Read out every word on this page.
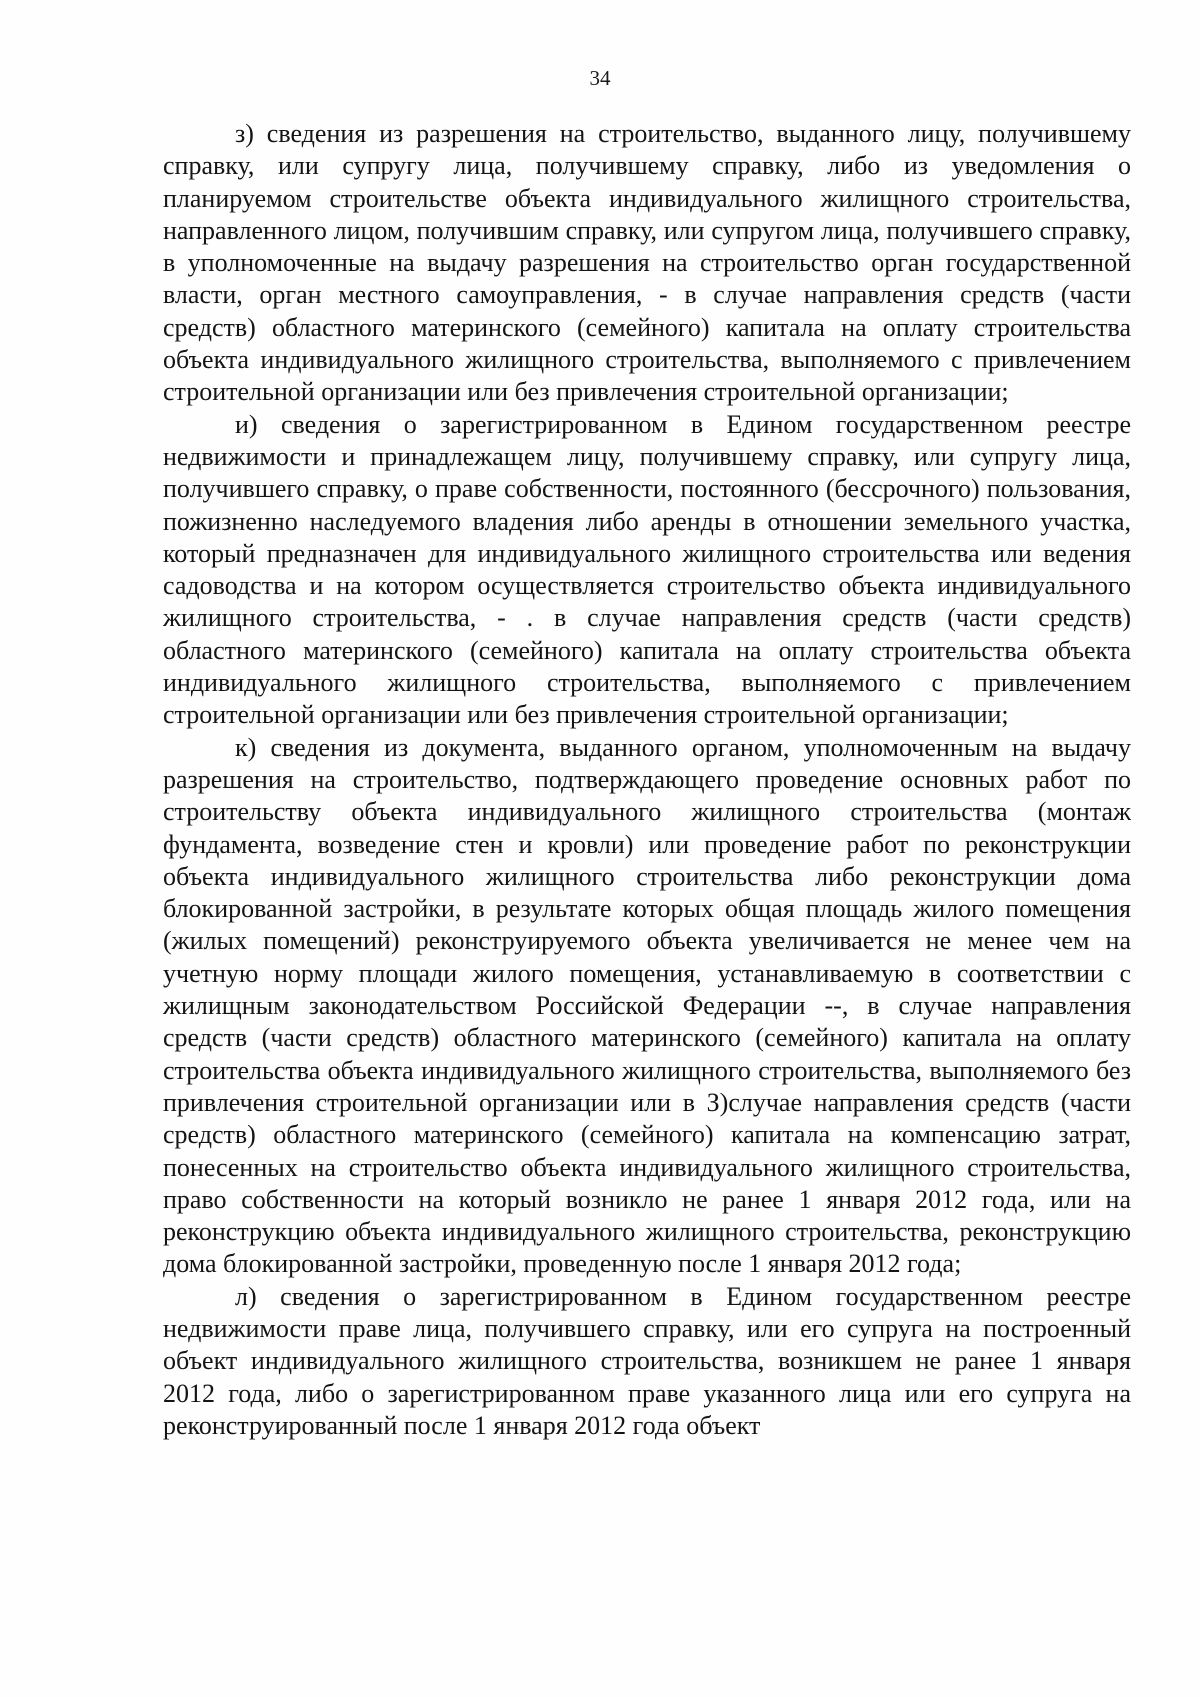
34

з) сведения из разрешения на строительство, выданного лицу, получившему справку, или супругу лица, получившему справку, либо из уведомления о планируемом строительстве объекта индивидуального жилищного строительства, направленного лицом, получившим справку, или супругом лица, получившего справку, в уполномоченные на выдачу разрешения на строительство орган государственной власти, орган местного самоуправления, - в случае направления средств (части средств) областного материнского (семейного) капитала на оплату строительства объекта индивидуального жилищного строительства, выполняемого с привлечением строительной организации или без привлечения строительной организации;

и) сведения о зарегистрированном в Едином государственном реестре недвижимости и принадлежащем лицу, получившему справку, или супругу лица, получившего справку, о праве собственности, постоянного (бессрочного) пользования, пожизненно наследуемого владения либо аренды в отношении земельного участка, который предназначен для индивидуального жилищного строительства или ведения садоводства и на котором осуществляется строительство объекта индивидуального жилищного строительства, - . в случае направления средств (части средств) областного материнского (семейного) капитала на оплату строительства объекта индивидуального жилищного строительства, выполняемого с привлечением строительной организации или без привлечения строительной организации;

к) сведения из документа, выданного органом, уполномоченным на выдачу разрешения на строительство, подтверждающего проведение основных работ по строительству объекта индивидуального жилищного строительства (монтаж фундамента, возведение стен и кровли) или проведение работ по реконструкции объекта индивидуального жилищного строительства либо реконструкции дома блокированной застройки, в результате которых общая площадь жилого помещения (жилых помещений) реконструируемого объекта увеличивается не менее чем на учетную норму площади жилого помещения, устанавливаемую в соответствии с жилищным законодательством Российской Федерации --, в случае направления средств (части средств) областного материнского (семейного) капитала на оплату строительства объекта индивидуального жилищного строительства, выполняемого без привлечения строительной организации или в З)случае направления средств (части средств) областного материнского (семейного) капитала на компенсацию затрат, понесенных на строительство объекта индивидуального жилищного строительства, право собственности на который возникло не ранее 1 января 2012 года, или на реконструкцию объекта индивидуального жилищного строительства, реконструкцию дома блокированной застройки, проведенную после 1 января 2012 года;

л) сведения о зарегистрированном в Едином государственном реестре недвижимости праве лица, получившего справку, или его супруга на построенный объект индивидуального жилищного строительства, возникшем не ранее 1 января 2012 года, либо о зарегистрированном праве указанного лица или его супруга на реконструированный после 1 января 2012 года объект
